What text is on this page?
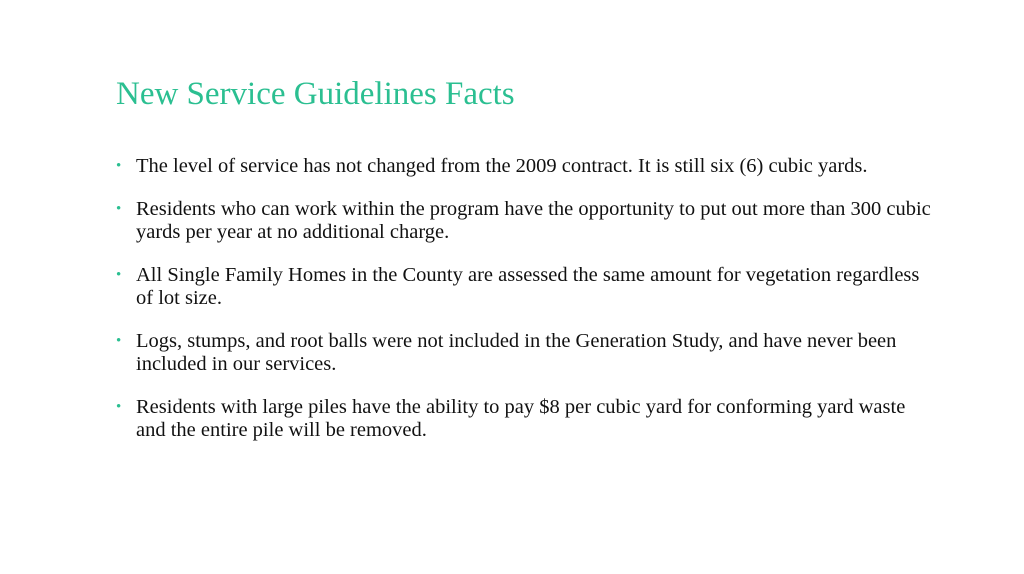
New Service Guidelines Facts
• The level of service has not changed from the 2009 contract. It is still six (6) cubic yards.
• Residents who can work within the program have the opportunity to put out more than 300 cubic yards per year at no additional charge.
• All Single Family Homes in the County are assessed the same amount for vegetation regardless of lot size.
• Logs, stumps, and root balls were not included in the Generation Study, and have never been included in our services.
• Residents with large piles have the ability to pay $8 per cubic yard for conforming yard waste and the entire pile will be removed.
